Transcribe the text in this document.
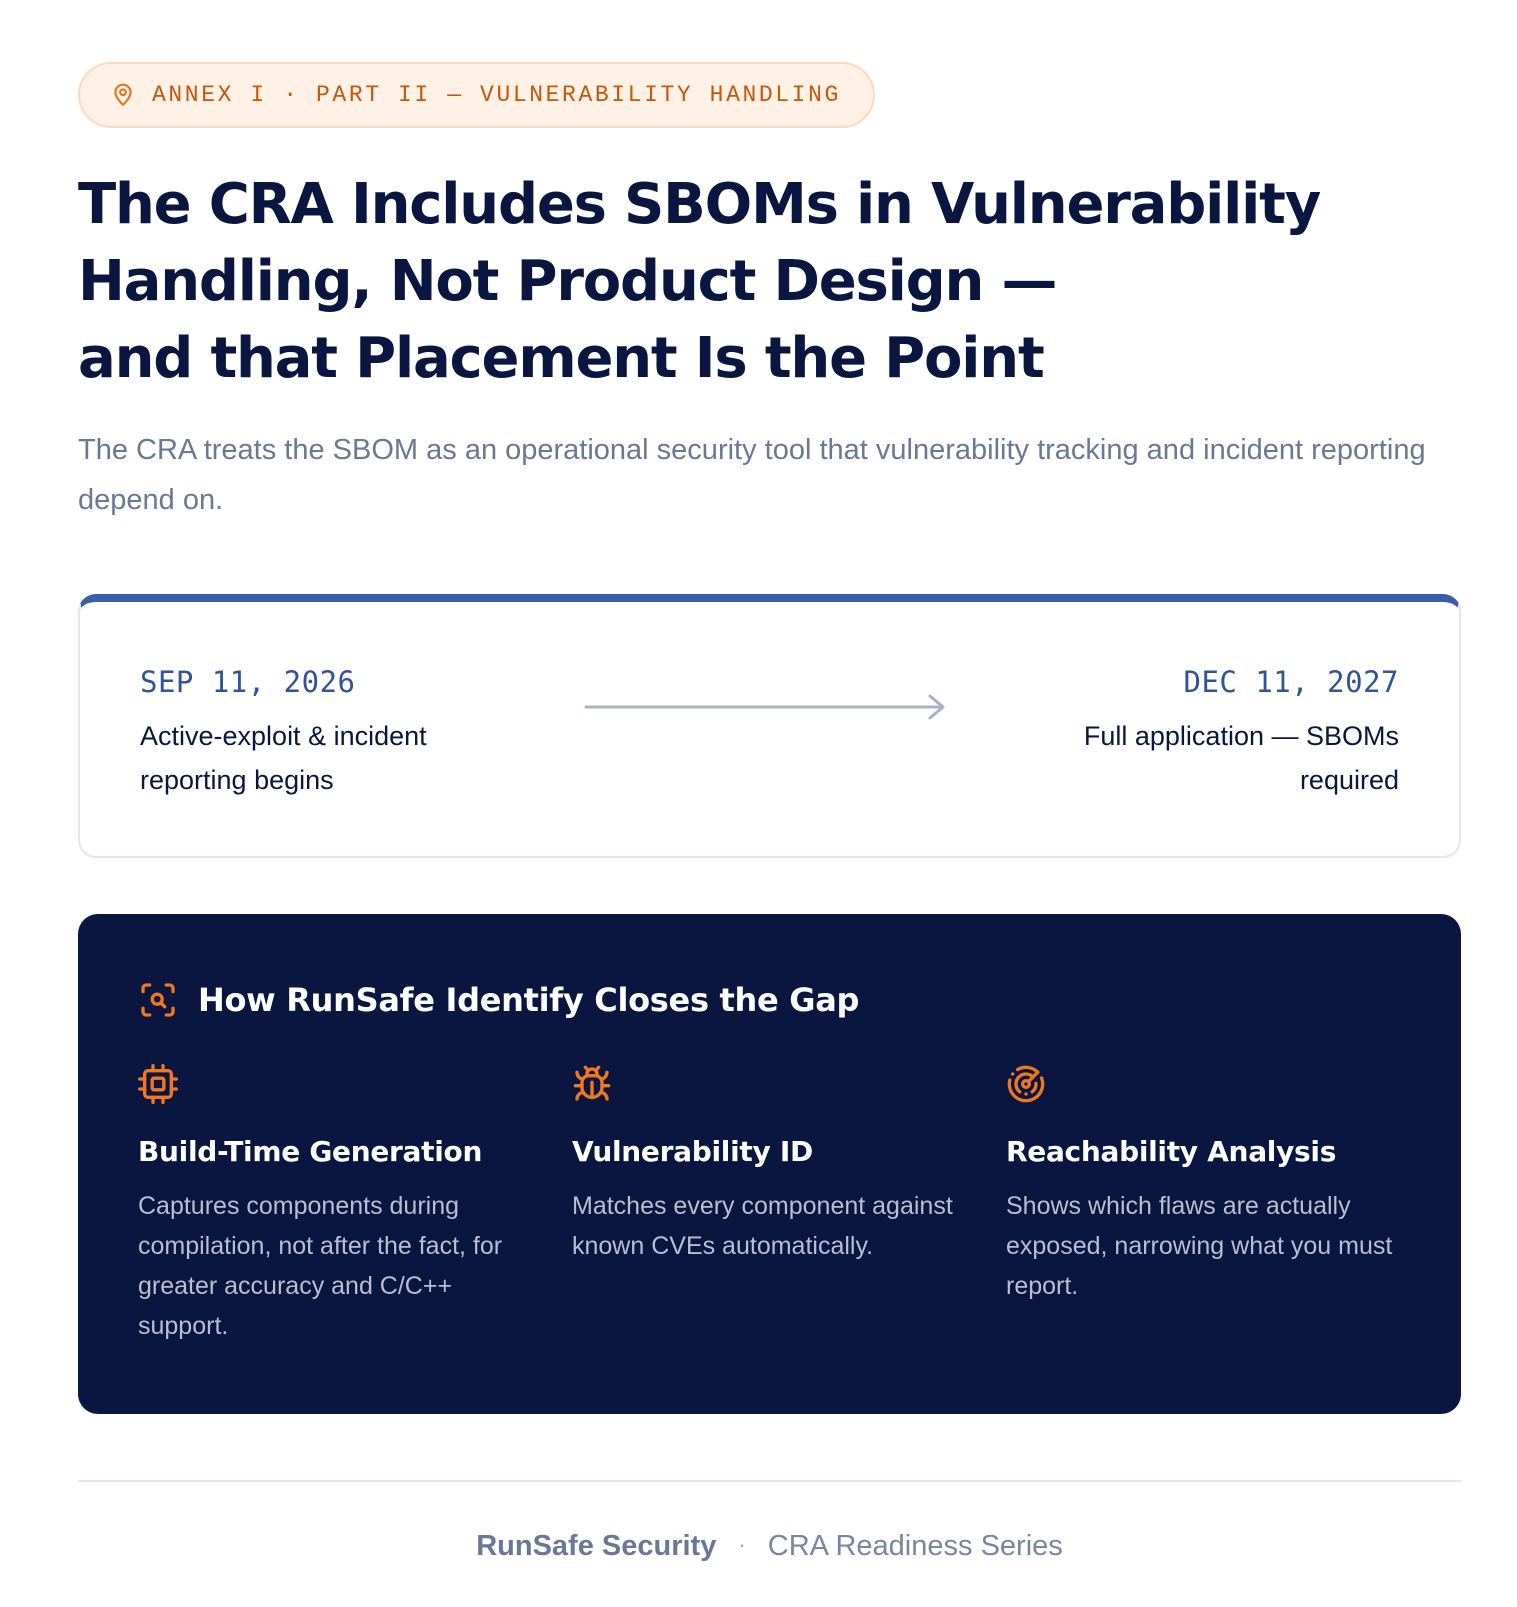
ANNEX I · PART II — VULNERABILITY HANDLING
The CRA Includes SBOMs in Vulnerability
Handling, Not Product Design —
and that Placement Is the Point

The CRA treats the SBOM as an operational security tool that vulnerability tracking and incident reporting depend on.

SEP 11, 2026
Active-exploit & incident reporting begins
DEC 11, 2027
Full application — SBOMs required
How RunSafe Identify Closes the Gap
Build-Time Generation
Captures components during compilation, not after the fact, for greater accuracy and C/C++ support.
Vulnerability ID
Matches every component against known CVEs automatically.
Reachability Analysis
Shows which flaws are actually exposed, narrowing what you must report.
RunSafe Security · CRA Readiness Series
